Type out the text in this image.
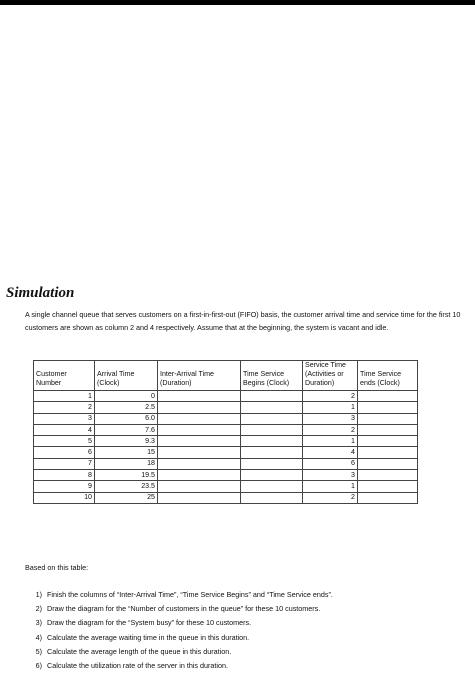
Simulation
A single channel queue that serves customers on a first-in-first-out (FIFO) basis, the customer arrival time and service time for the first 10 customers are shown as column 2 and 4 respectively. Assume that at the beginning, the system is vacant and idle.
Customer Number	Arrival Time (Clock)	Inter-Arrival Time (Duration)	Time Service Begins (Clock)	Service Time (Activities or Duration)	Time Service ends (Clock)
1	0			2	
2	2.5			1	
3	6.0			3	
4	7.6			2	
5	9.3			1	
6	15			4	
7	18			6	
8	19.5			3	
9	23.5			1	
10	25			2	
Based on this table:
1) Finish the columns of “Inter-Arrival Time”, “Time Service Begins” and “Time Service ends”.
2) Draw the diagram for the “Number of customers in the queue” for these 10 customers.
3) Draw the diagram for the “System busy” for these 10 customers.
4) Calculate the average waiting time in the queue in this duration.
5) Calculate the average length of the queue in this duration.
6) Calculate the utilization rate of the server in this duration.
